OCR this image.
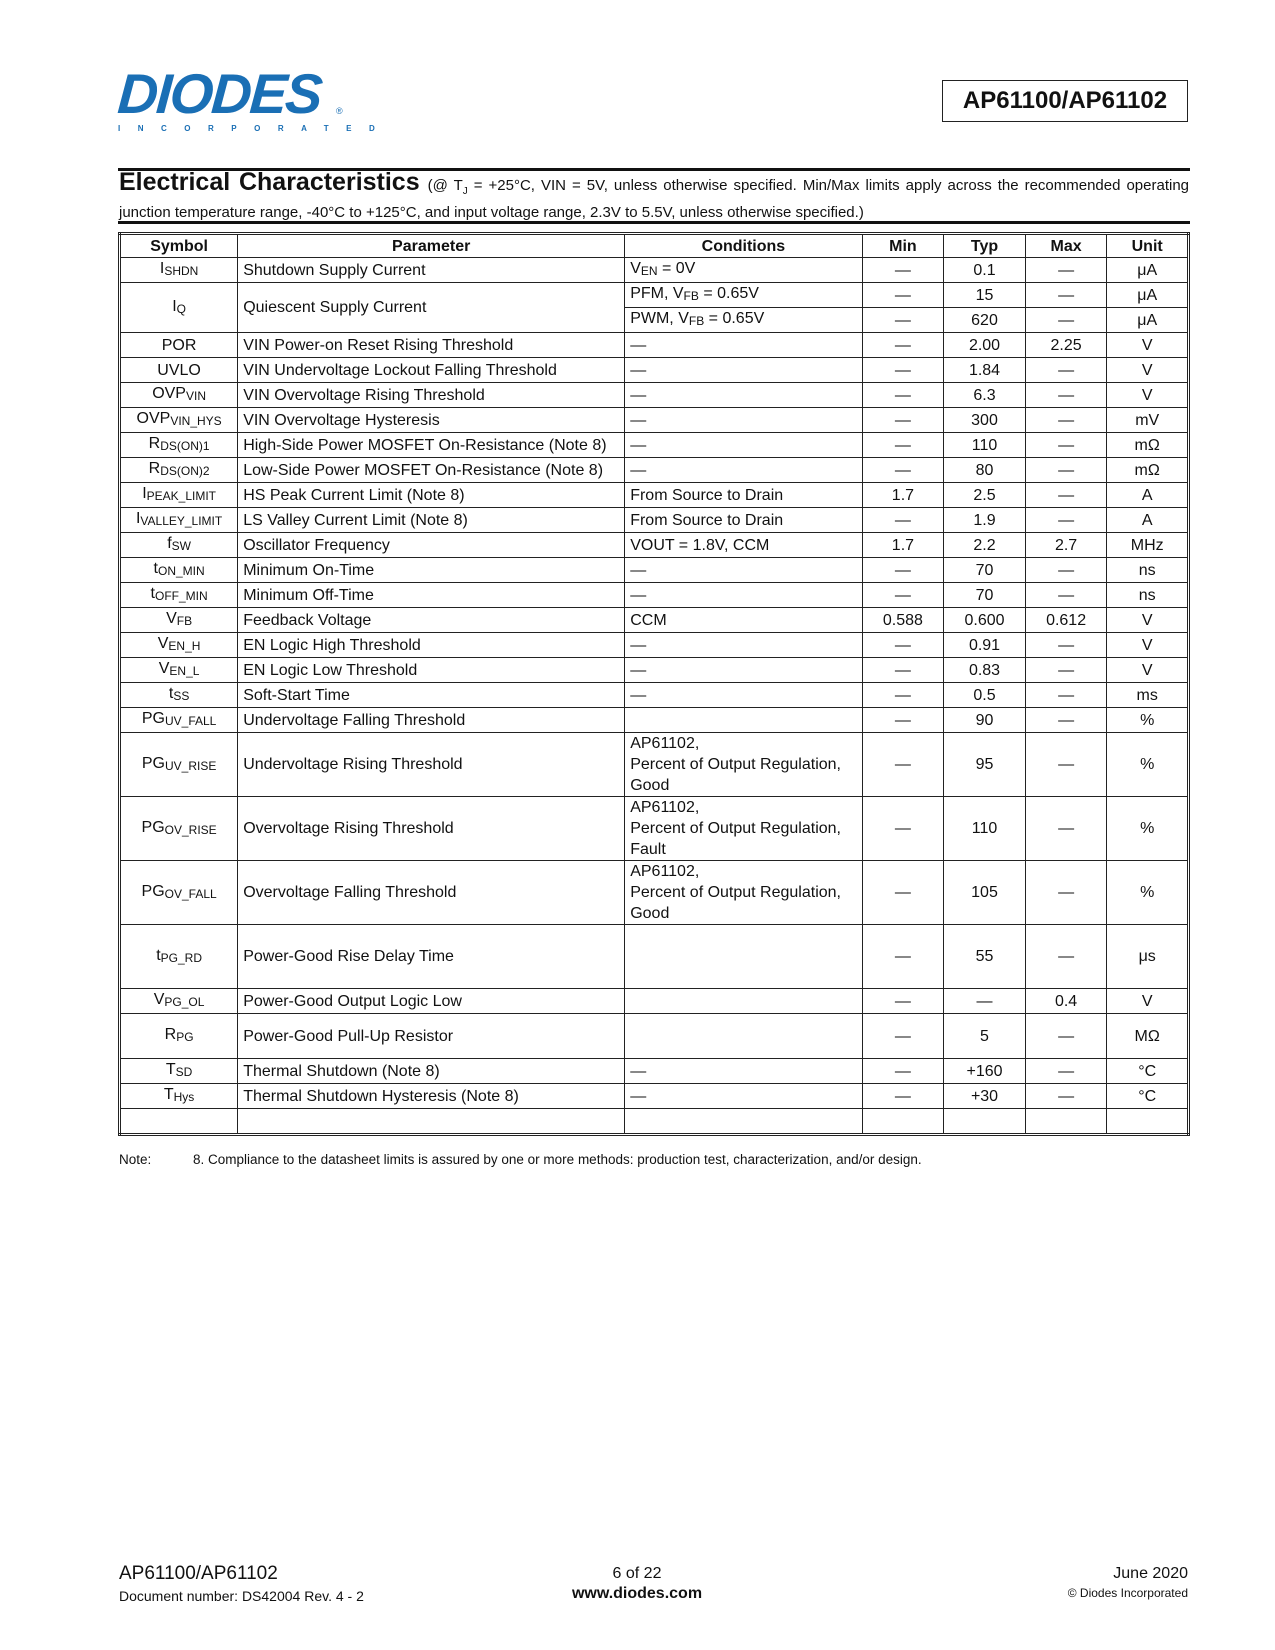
DIODES
INCORPORATED
®	AP61100/AP61102
Electrical Characteristics (@ $T_J = +25^\circ C$, VIN = 5V, unless otherwise specified. Min/Max limits apply across the recommended operating junction temperature range, -40°C to +125°C, and input voltage range, 2.3V to 5.5V, unless otherwise specified.)
Symbol	Parameter	Conditions	Min	Typ	Max	Unit
$I_{SHDN}$	Shutdown Supply Current	$V_{EN} = 0V$	—	0.1	—	μA
$I_Q$	Quiescent Supply Current	PFM, $V_{FB} = 0.65V$	—	15	—	μA
		PWM, $V_{FB} = 0.65V$	—	620	—	μA
POR	VIN Power-on Reset Rising Threshold	—	—	2.00	2.25	V
UVLO	VIN Undervoltage Lockout Falling Threshold	—	—	1.84	—	V
$OVP_{VIN}$	VIN Overvoltage Rising Threshold	—	—	6.3	—	V
$OVP_{VIN\_HYS}$	VIN Overvoltage Hysteresis	—	—	300	—	mV
$R_{DS(ON)1}$	High-Side Power MOSFET On-Resistance (Note 8)	—	—	110	—	mΩ
$R_{DS(ON)2}$	Low-Side Power MOSFET On-Resistance (Note 8)	—	—	80	—	mΩ
$I_{PEAK\_LIMIT}$	HS Peak Current Limit (Note 8)	From Source to Drain	1.7	2.5	—	A
$I_{VALLEY\_LIMIT}$	LS Valley Current Limit (Note 8)	From Source to Drain	—	1.9	—	A
$f_{SW}$	Oscillator Frequency	VOUT = 1.8V, CCM	1.7	2.2	2.7	MHz
$t_{ON\_MIN}$	Minimum On-Time	—	—	70	—	ns
$t_{OFF\_MIN}$	Minimum Off-Time	—	—	70	—	ns
$V_{FB}$	Feedback Voltage	CCM	0.588	0.600	0.612	V
$V_{EN\_H}$	EN Logic High Threshold	—	—	0.91	—	V
$V_{EN\_L}$	EN Logic Low Threshold	—	—	0.83	—	V
$t_{SS}$	Soft-Start Time	—	—	0.5	—	ms
$PG_{UV\_FALL}$	Undervoltage Falling Threshold		—	90	—	%
$PG_{UV\_RISE}$	Undervoltage Rising Threshold	AP61102,
Percent of Output Regulation,
Good	—	95	—	%
$PG_{OV\_RISE}$	Overvoltage Rising Threshold	AP61102,
Percent of Output Regulation,
Fault	—	110	—	%
$PG_{OV\_FALL}$	Overvoltage Falling Threshold	AP61102,
Percent of Output Regulation,
Good	—	105	—	%
$t_{PG\_RD}$	Power-Good Rise Delay Time		—	55	—	μs
$V_{PG\_OL}$	Power-Good Output Logic Low		—	—	0.4	V
$R_{PG}$	Power-Good Pull-Up Resistor		—	5	—	MΩ
$T_{SD}$	Thermal Shutdown (Note 8)	—	—	+160	—	°C
$T_{Hys}$	Thermal Shutdown Hysteresis (Note 8)	—	—	+30	—	°C

Note:	8. Compliance to the datasheet limits is assured by one or more methods: production test, characterization, and/or design.
AP61100/AP61102
Document number: DS42004 Rev. 4 - 2
6 of 22
www.diodes.com
June 2020
© Diodes Incorporated
